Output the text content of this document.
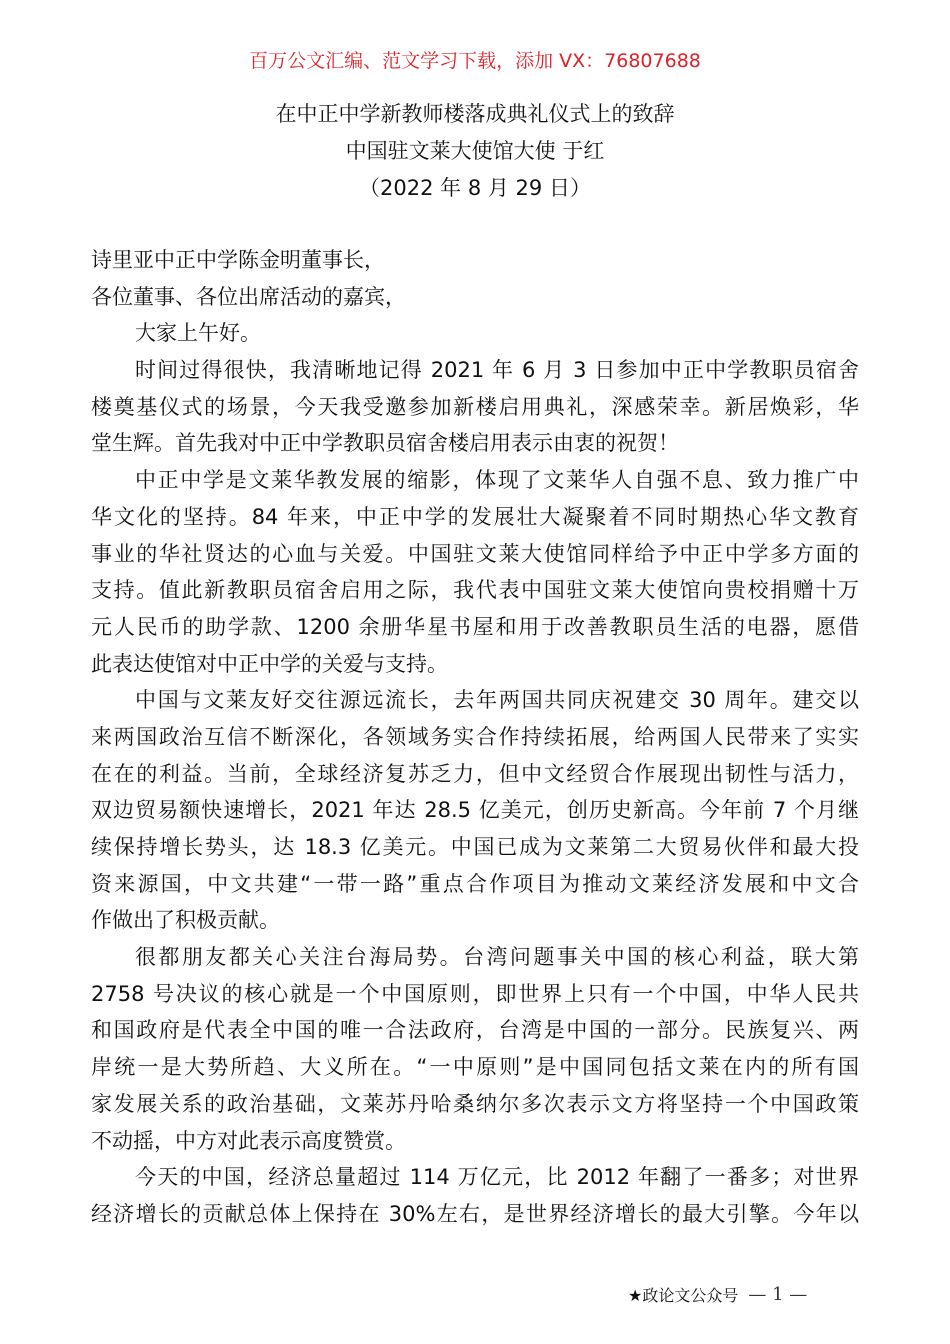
百万公文汇编、范文学习下载，添加 VX：76807688
在中正中学新教师楼落成典礼仪式上的致辞
中国驻文莱大使馆大使 于红
（2022 年 8 月 29 日）
诗里亚中正中学陈金明董事长，
各位董事、各位出席活动的嘉宾，
大家上午好。
时间过得很快，我清晰地记得 2021 年 6 月 3 日参加中正中学教职员宿舍
楼奠基仪式的场景，今天我受邀参加新楼启用典礼，深感荣幸。新居焕彩，华
堂生辉。首先我对中正中学教职员宿舍楼启用表示由衷的祝贺！
中正中学是文莱华教发展的缩影，体现了文莱华人自强不息、致力推广中
华文化的坚持。84 年来，中正中学的发展壮大凝聚着不同时期热心华文教育
事业的华社贤达的心血与关爱。中国驻文莱大使馆同样给予中正中学多方面的
支持。值此新教职员宿舍启用之际，我代表中国驻文莱大使馆向贵校捐赠十万
元人民币的助学款、1200 余册华星书屋和用于改善教职员生活的电器，愿借
此表达使馆对中正中学的关爱与支持。
中国与文莱友好交往源远流长，去年两国共同庆祝建交 30 周年。建交以
来两国政治互信不断深化，各领域务实合作持续拓展，给两国人民带来了实实
在在的利益。当前，全球经济复苏乏力，但中文经贸合作展现出韧性与活力，
双边贸易额快速增长，2021 年达 28.5 亿美元，创历史新高。今年前 7 个月继
续保持增长势头，达 18.3 亿美元。中国已成为文莱第二大贸易伙伴和最大投
资来源国，中文共建“一带一路”重点合作项目为推动文莱经济发展和中文合
作做出了积极贡献。
很都朋友都关心关注台海局势。台湾问题事关中国的核心利益，联大第
2758 号决议的核心就是一个中国原则，即世界上只有一个中国，中华人民共
和国政府是代表全中国的唯一合法政府，台湾是中国的一部分。民族复兴、两
岸统一是大势所趋、大义所在。“一中原则”是中国同包括文莱在内的所有国
家发展关系的政治基础，文莱苏丹哈桑纳尔多次表示文方将坚持一个中国政策
不动摇，中方对此表示高度赞赏。
今天的中国，经济总量超过 114 万亿元，比 2012 年翻了一番多；对世界
经济增长的贡献总体上保持在 30%左右，是世界经济增长的最大引擎。今年以
★政论文公众号 — 1 —
